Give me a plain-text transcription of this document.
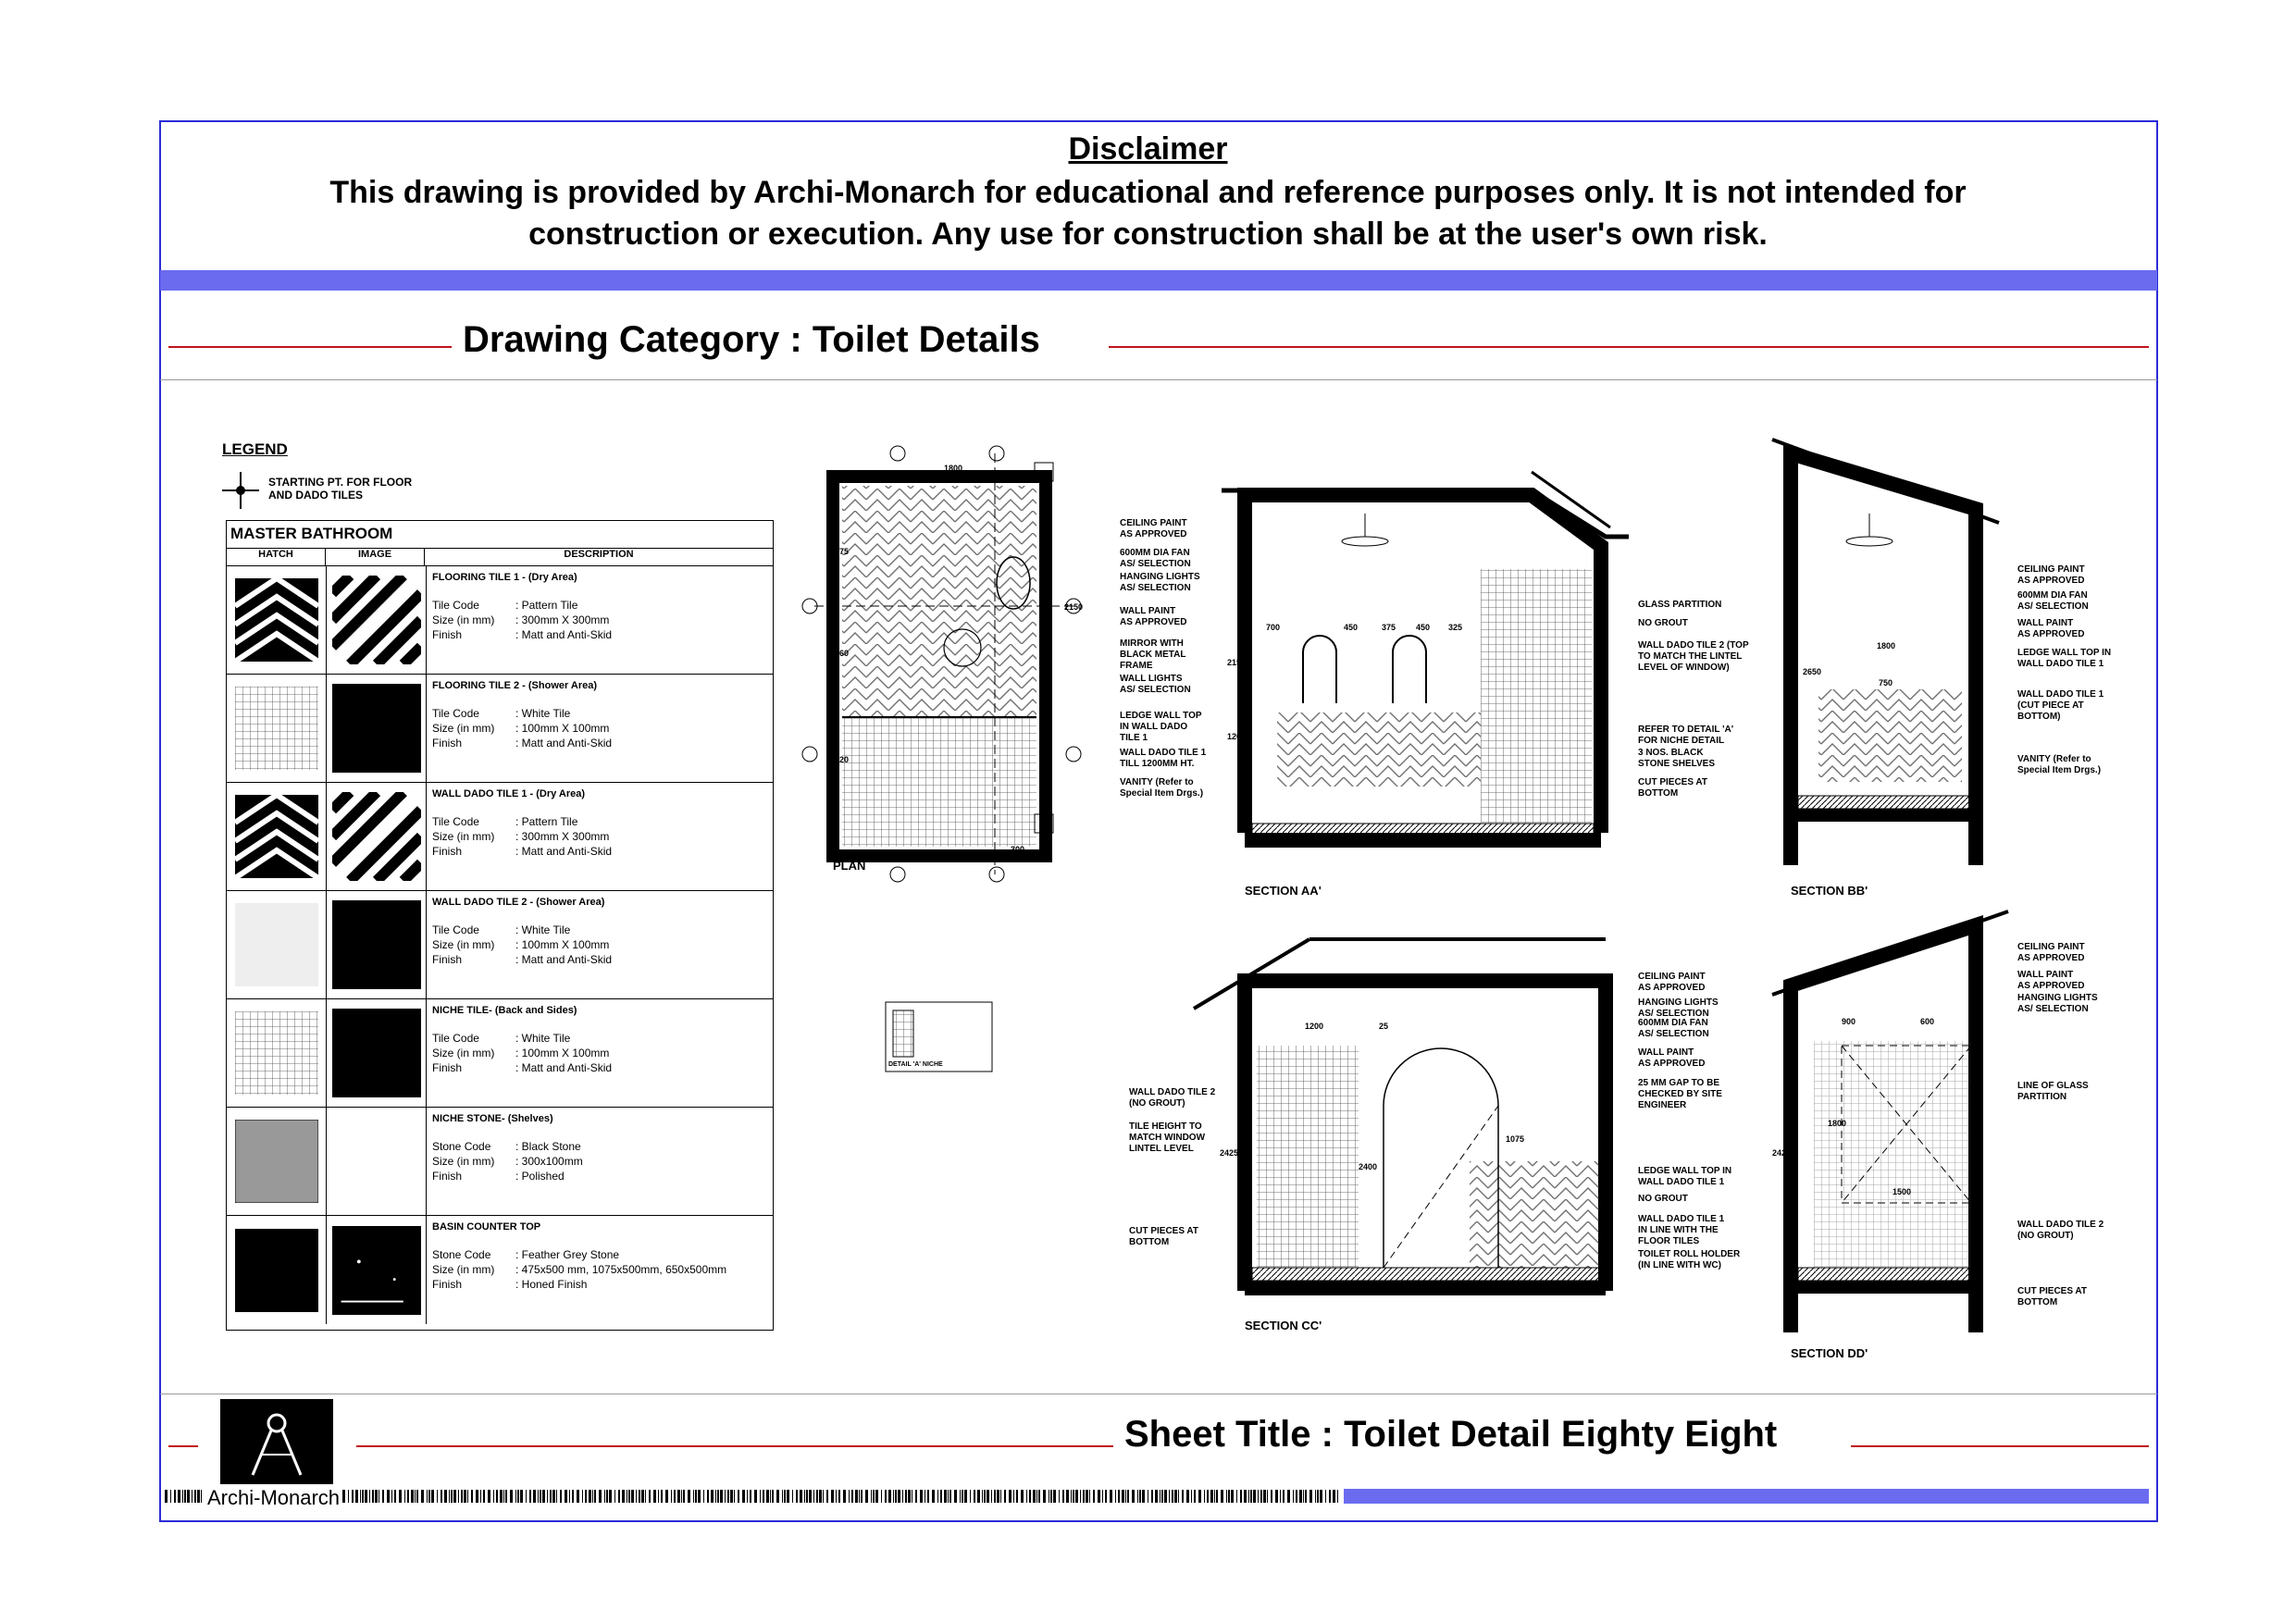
Disclaimer
This drawing is provided by Archi-Monarch for educational and reference purposes only. It is not intended for
construction or execution. Any use for construction shall be at the user's own risk.
Drawing Category : Toilet Details
LEGEND
STARTING PT. FOR FLOOR
AND DADO TILES
MASTER BATHROOM
HATCH	IMAGE	DESCRIPTION
FLOORING TILE 1 - (Dry Area)
Tile Code	: Pattern Tile
Size (in mm)	: 300mm X 300mm
Finish	: Matt and Anti-Skid
FLOORING TILE 2 - (Shower Area)
Tile Code	: White Tile
Size (in mm)	: 100mm X 100mm
Finish	: Matt and Anti-Skid
WALL DADO TILE 1 - (Dry Area)
Tile Code	: Pattern Tile
Size (in mm)	: 300mm X 300mm
Finish	: Matt and Anti-Skid
WALL DADO TILE 2 - (Shower Area)
Tile Code	: White Tile
Size (in mm)	: 100mm X 100mm
Finish	: Matt and Anti-Skid
NICHE TILE- (Back and Sides)
Tile Code	: White Tile
Size (in mm)	: 100mm X 100mm
Finish	: Matt and Anti-Skid
NICHE STONE- (Shelves)
Stone Code	: Black Stone
Size (in mm)	: 300x100mm
Finish	: Polished
BASIN COUNTER TOP
Stone Code	: Feather Grey Stone
Size (in mm)	: 475x500 mm, 1075x500mm, 650x500mm
Finish	: Honed Finish
PLAN
SECTION AA'	SECTION BB'
SECTION CC'
SECTION DD'
DETAIL 'A' NICHE
CEILING PAINT
AS APPROVED
600MM DIA FAN
AS/ SELECTION
HANGING LIGHTS
AS/ SELECTION
WALL PAINT
AS APPROVED
MIRROR WITH
BLACK METAL
FRAME
WALL LIGHTS
AS/ SELECTION
LEDGE WALL TOP
IN WALL DADO
TILE 1
WALL DADO TILE 1
TILL 1200MM HT.
VANITY (Refer to
Special Item Drgs.)
GLASS PARTITION
NO GROUT
WALL DADO TILE 2 (TOP
TO MATCH THE LINTEL
LEVEL OF WINDOW)
REFER TO DETAIL 'A'
FOR NICHE DETAIL
3 NOS. BLACK
STONE SHELVES
CUT PIECES AT
BOTTOM
CEILING PAINT
AS APPROVED
600MM DIA FAN
AS/ SELECTION
WALL PAINT
AS APPROVED
LEDGE WALL TOP IN
WALL DADO TILE 1
WALL DADO TILE 1
(CUT PIECE AT
BOTTOM)
VANITY (Refer to
Special Item Drgs.)
WALL DADO TILE 2
(NO GROUT)
TILE HEIGHT TO
MATCH WINDOW
LINTEL LEVEL
CUT PIECES AT
BOTTOM
CEILING PAINT
AS APPROVED
HANGING LIGHTS
AS/ SELECTION
600MM DIA FAN
AS/ SELECTION
WALL PAINT
AS APPROVED
25 MM GAP TO BE
CHECKED BY SITE
ENGINEER
LEDGE WALL TOP IN
WALL DADO TILE 1
NO GROUT
WALL DADO TILE 1
IN LINE WITH THE
FLOOR TILES
TOILET ROLL HOLDER
(IN LINE WITH WC)
CEILING PAINT
AS APPROVED
WALL PAINT
AS APPROVED
HANGING LIGHTS
AS/ SELECTION
LINE OF GLASS
PARTITION
WALL DADO TILE 2
(NO GROUT)
CUT PIECES AT
BOTTOM
1800
1500
300
1075
1060
1220
2150
700	450	375 450 325
2150
1200
1800
750
2650
1200	25
1075
2425
2400
900	600
1500
1800
2425
Sheet Title : Toilet Detail Eighty Eight
Archi-Monarch
